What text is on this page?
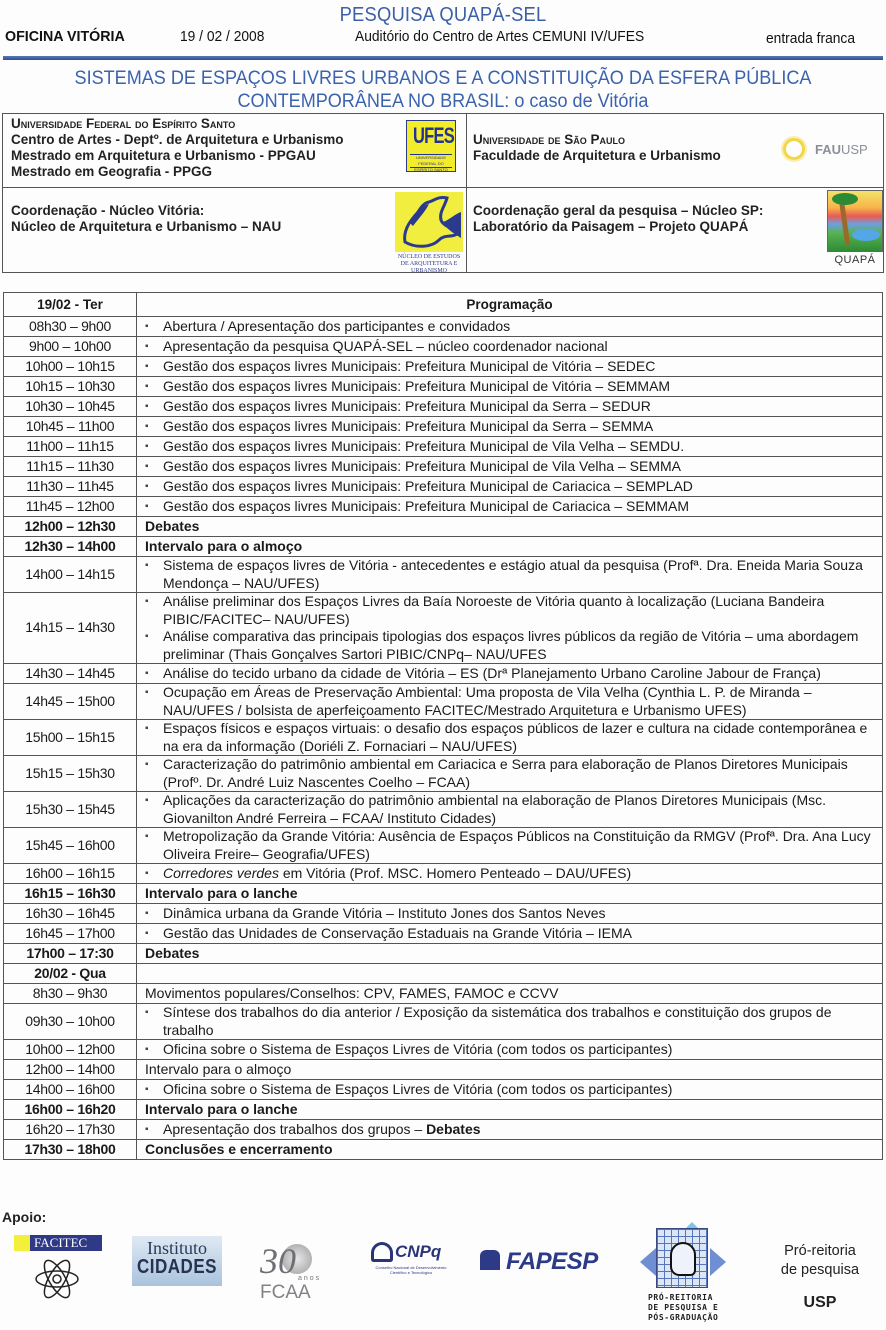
PESQUISA QUAPÁ-SEL
OFICINA VITÓRIA	19 / 02 / 2008	Auditório do Centro de Artes CEMUNI IV/UFES	entrada franca
SISTEMAS DE ESPAÇOS LIVRES URBANOS E A CONSTITUIÇÃO DA ESFERA PÚBLICA
CONTEMPORÂNEA NO BRASIL: o caso de Vitória
Universidade Federal do Espírito Santo
Centro de Artes - Deptº. de Arquitetura e Urbanismo
Mestrado em Arquitetura e Urbanismo - PPGAU
Mestrado em Geografia - PPGG
UFES
UNIVERSIDADE FEDERAL DO ESPÍRITO SANTO
Universidade de São Paulo
Faculdade de Arquitetura e Urbanismo	FAUUSP
Coordenação - Núcleo Vitória:
Núcleo de Arquitetura e Urbanismo – NAU
NÚCLEO DE ESTUDOS DE ARQUITETURA E URBANISMO
Coordenação geral da pesquisa – Núcleo SP:
Laboratório da Paisagem – Projeto QUAPÁ
QUAPÁ
19/02 - Ter	Programação
08h30 – 9h00	▪ Abertura / Apresentação dos participantes e convidados

9h00 – 10h00	▪ Apresentação da pesquisa QUAPÁ-SEL – núcleo coordenador nacional

10h00 – 10h15	▪ Gestão dos espaços livres Municipais: Prefeitura Municipal de Vitória – SEDEC

10h15 – 10h30	▪ Gestão dos espaços livres Municipais: Prefeitura Municipal de Vitória – SEMMAM

10h30 – 10h45	▪ Gestão dos espaços livres Municipais: Prefeitura Municipal da Serra – SEDUR

10h45 – 11h00	▪ Gestão dos espaços livres Municipais: Prefeitura Municipal da Serra – SEMMA

11h00 – 11h15	▪ Gestão dos espaços livres Municipais: Prefeitura Municipal de Vila Velha – SEMDU.

11h15 – 11h30	▪ Gestão dos espaços livres Municipais: Prefeitura Municipal de Vila Velha – SEMMA

11h30 – 11h45	▪ Gestão dos espaços livres Municipais: Prefeitura Municipal de Cariacica – SEMPLAD

11h45 – 12h00	▪ Gestão dos espaços livres Municipais: Prefeitura Municipal de Cariacica – SEMMAM

12h00 – 12h30	Debates
12h30 – 14h00	Intervalo para o almoço
14h00 – 14h15	▪ Sistema de espaços livres de Vitória - antecedentes e estágio atual da pesquisa (Profª. Dra. Eneida Maria Souza Mendonça – NAU/UFES)

14h15 – 14h30	▪ Análise preliminar dos Espaços Livres da Baía Noroeste de Vitória quanto à localização (Luciana Bandeira PIBIC/FACITEC– NAU/UFES)
▪ Análise comparativa das principais tipologias dos espaços livres públicos da região de Vitória – uma abordagem preliminar (Thais Gonçalves Sartori PIBIC/CNPq– NAU/UFES

14h30 – 14h45	▪ Análise do tecido urbano da cidade de Vitória – ES (Drª Planejamento Urbano Caroline Jabour de França)

14h45 – 15h00	▪ Ocupação em Áreas de Preservação Ambiental: Uma proposta de Vila Velha (Cynthia L. P. de Miranda – NAU/UFES / bolsista de aperfeiçoamento FACITEC/Mestrado Arquitetura e Urbanismo UFES)

15h00 – 15h15	▪ Espaços físicos e espaços virtuais: o desafio dos espaços públicos de lazer e cultura na cidade contemporânea e na era da informação (Doriéli Z. Fornaciari – NAU/UFES)

15h15 – 15h30	▪ Caracterização do patrimônio ambiental em Cariacica e Serra para elaboração de Planos Diretores Municipais (Profº. Dr. André Luiz Nascentes Coelho – FCAA)

15h30 – 15h45	▪ Aplicações da caracterização do patrimônio ambiental na elaboração de Planos Diretores Municipais (Msc. Giovanilton André Ferreira – FCAA/ Instituto Cidades)

15h45 – 16h00	▪ Metropolização da Grande Vitória: Ausência de Espaços Públicos na Constituição da RMGV (Profª. Dra. Ana Lucy Oliveira Freire– Geografia/UFES)

16h00 – 16h15	▪ Corredores verdes em Vitória (Prof. MSC. Homero Penteado – DAU/UFES)

16h15 – 16h30	Intervalo para o lanche
16h30 – 16h45	▪ Dinâmica urbana da Grande Vitória – Instituto Jones dos Santos Neves

16h45 – 17h00	▪ Gestão das Unidades de Conservação Estaduais na Grande Vitória – IEMA

17h00 – 17:30	Debates
20/02 - Qua	
8h30 – 9h30	Movimentos populares/Conselhos: CPV, FAMES, FAMOC e CCVV
09h30 – 10h00	▪ Síntese dos trabalhos do dia anterior / Exposição da sistemática dos trabalhos e constituição dos grupos de trabalho

10h00 – 12h00	▪ Oficina sobre o Sistema de Espaços Livres de Vitória (com todos os participantes)

12h00 – 14h00	Intervalo para o almoço
14h00 – 16h00	▪ Oficina sobre o Sistema de Espaços Livres de Vitória (com todos os participantes)

16h00 – 16h20	Intervalo para o lanche
16h20 – 17h30	▪ Apresentação dos trabalhos dos grupos – Debates

17h30 – 18h00	Conclusões e encerramento
Apoio:
FACITEC	Instituto
CIDADES 30 anos
FCAA
CNPq
Conselho Nacional de Desenvolvimento Científico e Tecnológico	FAPESP
PRÓ-REITORIA
DE PESQUISA E
PÓS-GRADUAÇÃO
Pró-reitoria
de pesquisa
USP
